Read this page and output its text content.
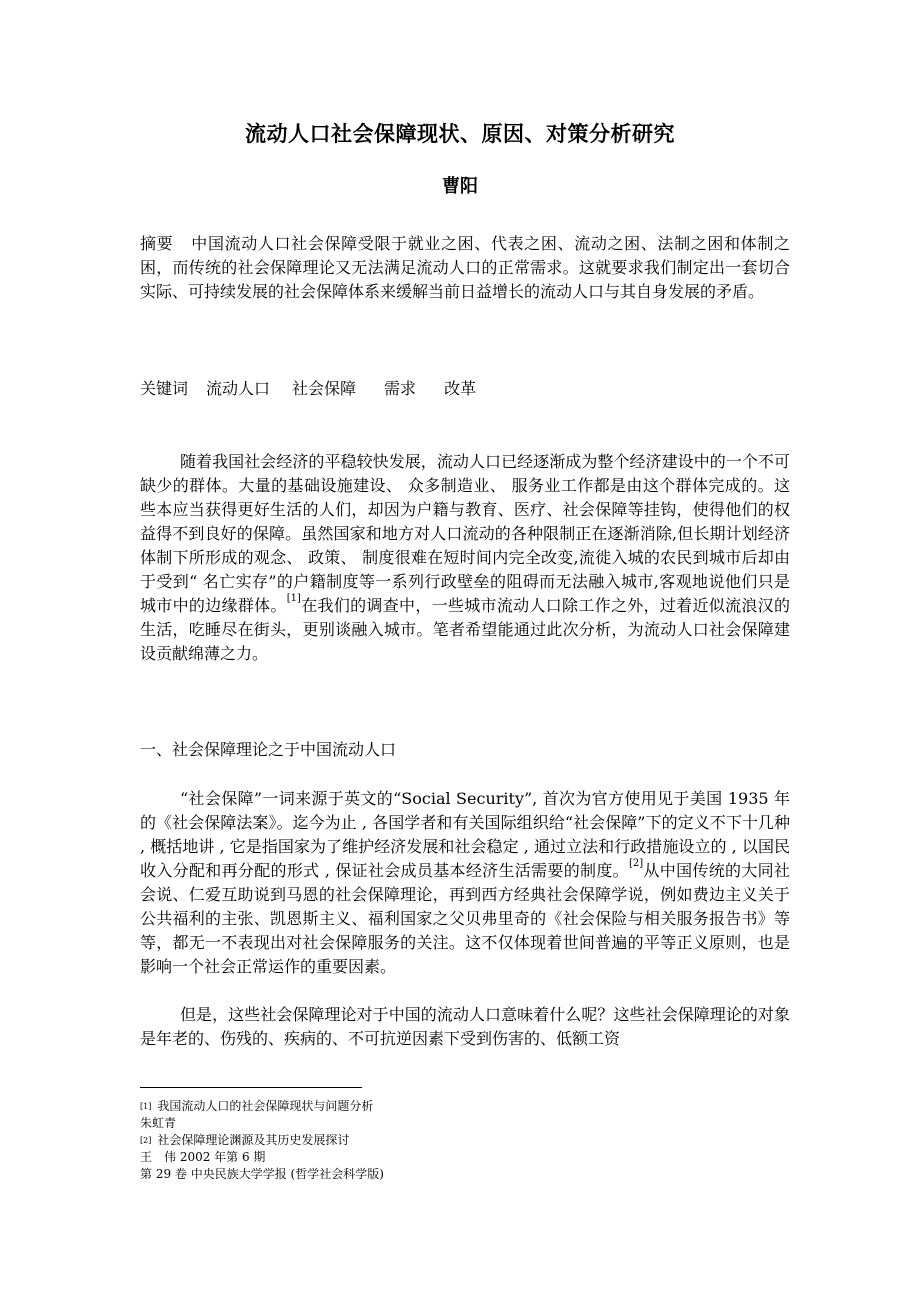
流动人口社会保障现状、原因、对策分析研究
曹阳

摘要 中国流动人口社会保障受限于就业之困、代表之困、流动之困、法制之困和体制之困，而传统的社会保障理论又无法满足流动人口的正常需求。这就要求我们制定出一套切合实际、可持续发展的社会保障体系来缓解当前日益增长的流动人口与其自身发展的矛盾。

关键词 流动人口 社会保障 需求 改革

随着我国社会经济的平稳较快发展，流动人口已经逐渐成为整个经济建设中的一个不可缺少的群体。大量的基础设施建设、 众多制造业、 服务业工作都是由这个群体完成的。这些本应当获得更好生活的人们，却因为户籍与教育、医疗、社会保障等挂钩，使得他们的权益得不到良好的保障。虽然国家和地方对人口流动的各种限制正在逐渐消除,但长期计划经济体制下所形成的观念、 政策、 制度很难在短时间内完全改变,流徙入城的农民到城市后却由于受到“ 名亡实存”的户籍制度等一系列行政壁垒的阻碍而无法融入城市,客观地说他们只是城市中的边缘群体。[1]在我们的调查中，一些城市流动人口除工作之外，过着近似流浪汉的生活，吃睡尽在街头，更别谈融入城市。笔者希望能通过此次分析，为流动人口社会保障建设贡献绵薄之力。

一、社会保障理论之于中国流动人口

“社会保障”一词来源于英文的“Social Security”, 首次为官方使用见于美国 1935 年的《社会保障法案》。迄今为止 , 各国学者和有关国际组织给“社会保障”下的定义不下十几种 , 概括地讲 , 它是指国家为了维护经济发展和社会稳定 , 通过立法和行政措施设立的 , 以国民收入分配和再分配的形式 , 保证社会成员基本经济生活需要的制度。[2]从中国传统的大同社会说、仁爱互助说到马恩的社会保障理论，再到西方经典社会保障学说，例如费边主义关于公共福利的主张、凯恩斯主义、福利国家之父贝弗里奇的《社会保险与相关服务报告书》等等，都无一不表现出对社会保障服务的关注。这不仅体现着世间普遍的平等正义原则，也是影响一个社会正常运作的重要因素。

但是，这些社会保障理论对于中国的流动人口意味着什么呢？这些社会保障理论的对象是年老的、伤残的、疾病的、不可抗逆因素下受到伤害的、低额工资

[1] 我国流动人口的社会保障现状与问题分析
朱虹青
[2] 社会保障理论渊源及其历史发展探讨
王　伟 2002 年第 6 期
第 29 卷 中央民族大学学报 (哲学社会科学版)
